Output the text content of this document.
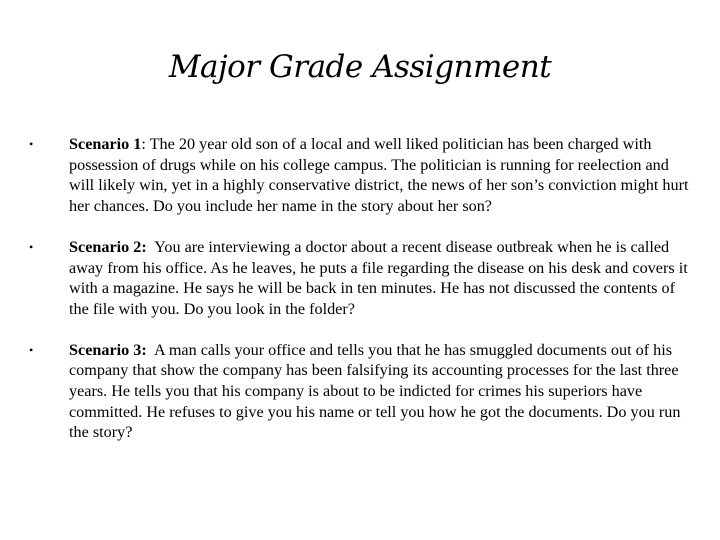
Major Grade Assignment
• Scenario 1: The 20 year old son of a local and well liked politician has been charged with possession of drugs while on his college campus. The politician is running for reelection and will likely win, yet in a highly conservative district, the news of her son’s conviction might hurt her chances. Do you include her name in the story about her son?
• Scenario 2: You are interviewing a doctor about a recent disease outbreak when he is called away from his office. As he leaves, he puts a file regarding the disease on his desk and covers it with a magazine. He says he will be back in ten minutes. He has not discussed the contents of the file with you. Do you look in the folder?
• Scenario 3: A man calls your office and tells you that he has smuggled documents out of his company that show the company has been falsifying its accounting processes for the last three years. He tells you that his company is about to be indicted for crimes his superiors have committed. He refuses to give you his name or tell you how he got the documents. Do you run the story?
